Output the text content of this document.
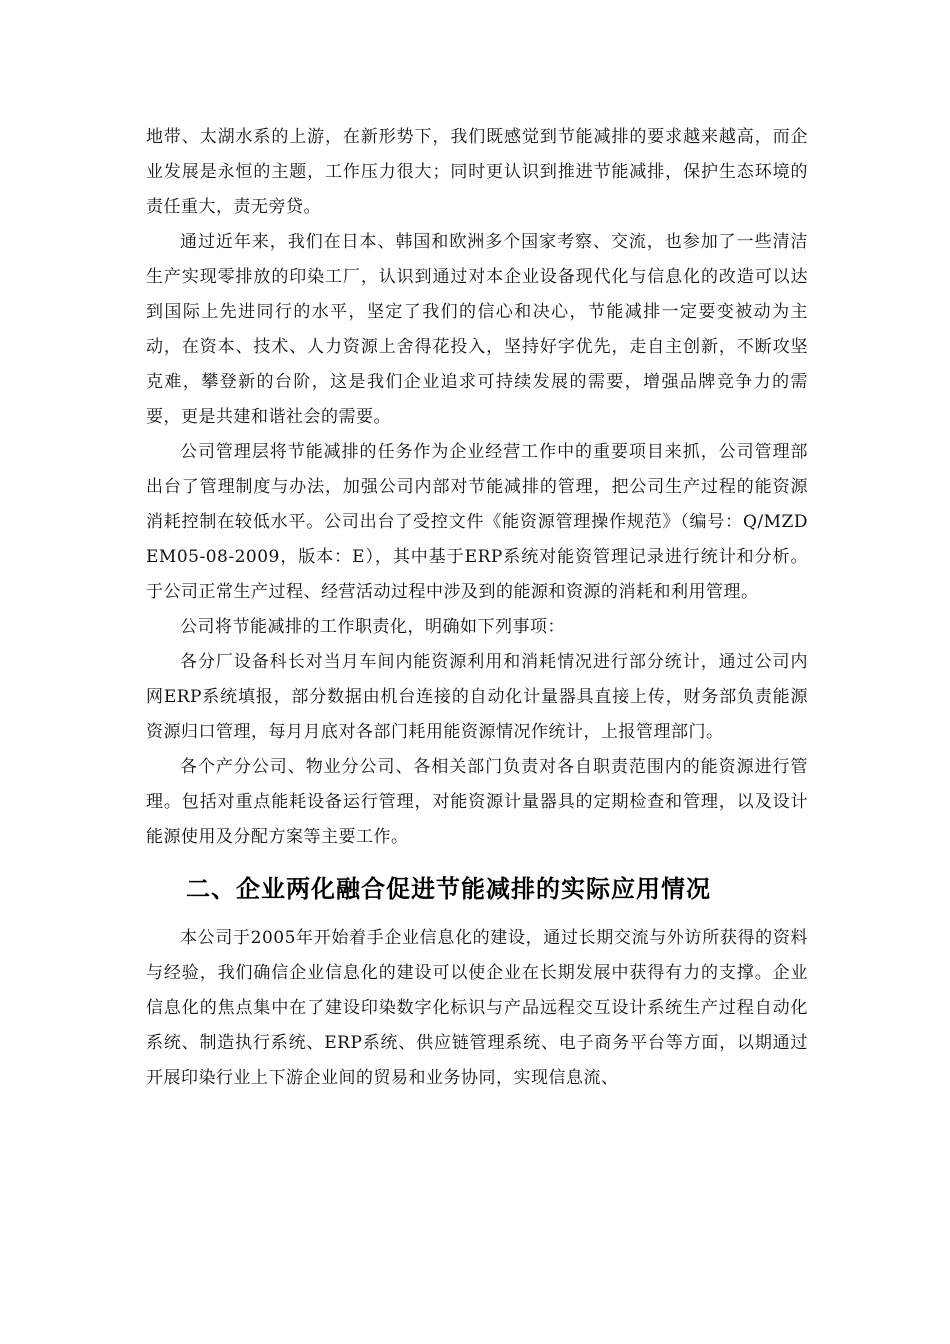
地带、太湖水系的上游，在新形势下，我们既感觉到节能减排的要求越来越高，而企业发展是永恒的主题，工作压力很大；同时更认识到推进节能减排，保护生态环境的责任重大，责无旁贷。

通过近年来，我们在日本、韩国和欧洲多个国家考察、交流，也参加了一些清洁生产实现零排放的印染工厂，认识到通过对本企业设备现代化与信息化的改造可以达到国际上先进同行的水平，坚定了我们的信心和决心，节能减排一定要变被动为主动，在资本、技术、人力资源上舍得花投入，坚持好字优先，走自主创新，不断攻坚克难，攀登新的台阶，这是我们企业追求可持续发展的需要，增强品牌竞争力的需要，更是共建和谐社会的需要。

公司管理层将节能减排的任务作为企业经营工作中的重要项目来抓，公司管理部出台了管理制度与办法，加强公司内部对节能减排的管理，把公司生产过程的能资源消耗控制在较低水平。公司出台了受控文件《能资源管理操作规范》（编号：Q/MZD EM05-08-2009，版本：E），其中基于ERP系统对能资管理记录进行统计和分析。于公司正常生产过程、经营活动过程中涉及到的能源和资源的消耗和利用管理。

公司将节能减排的工作职责化，明确如下列事项：

各分厂设备科长对当月车间内能资源利用和消耗情况进行部分统计，通过公司内网ERP系统填报，部分数据由机台连接的自动化计量器具直接上传，财务部负责能源资源归口管理，每月月底对各部门耗用能资源情况作统计，上报管理部门。

各个产分公司、物业分公司、各相关部门负责对各自职责范围内的能资源进行管理。包括对重点能耗设备运行管理，对能资源计量器具的定期检查和管理，以及设计能源使用及分配方案等主要工作。

二、企业两化融合促进节能减排的实际应用情况

本公司于2005年开始着手企业信息化的建设，通过长期交流与外访所获得的资料与经验，我们确信企业信息化的建设可以使企业在长期发展中获得有力的支撑。企业信息化的焦点集中在了建设印染数字化标识与产品远程交互设计系统生产过程自动化系统、制造执行系统、ERP系统、供应链管理系统、电子商务平台等方面，以期通过开展印染行业上下游企业间的贸易和业务协同，实现信息流、
